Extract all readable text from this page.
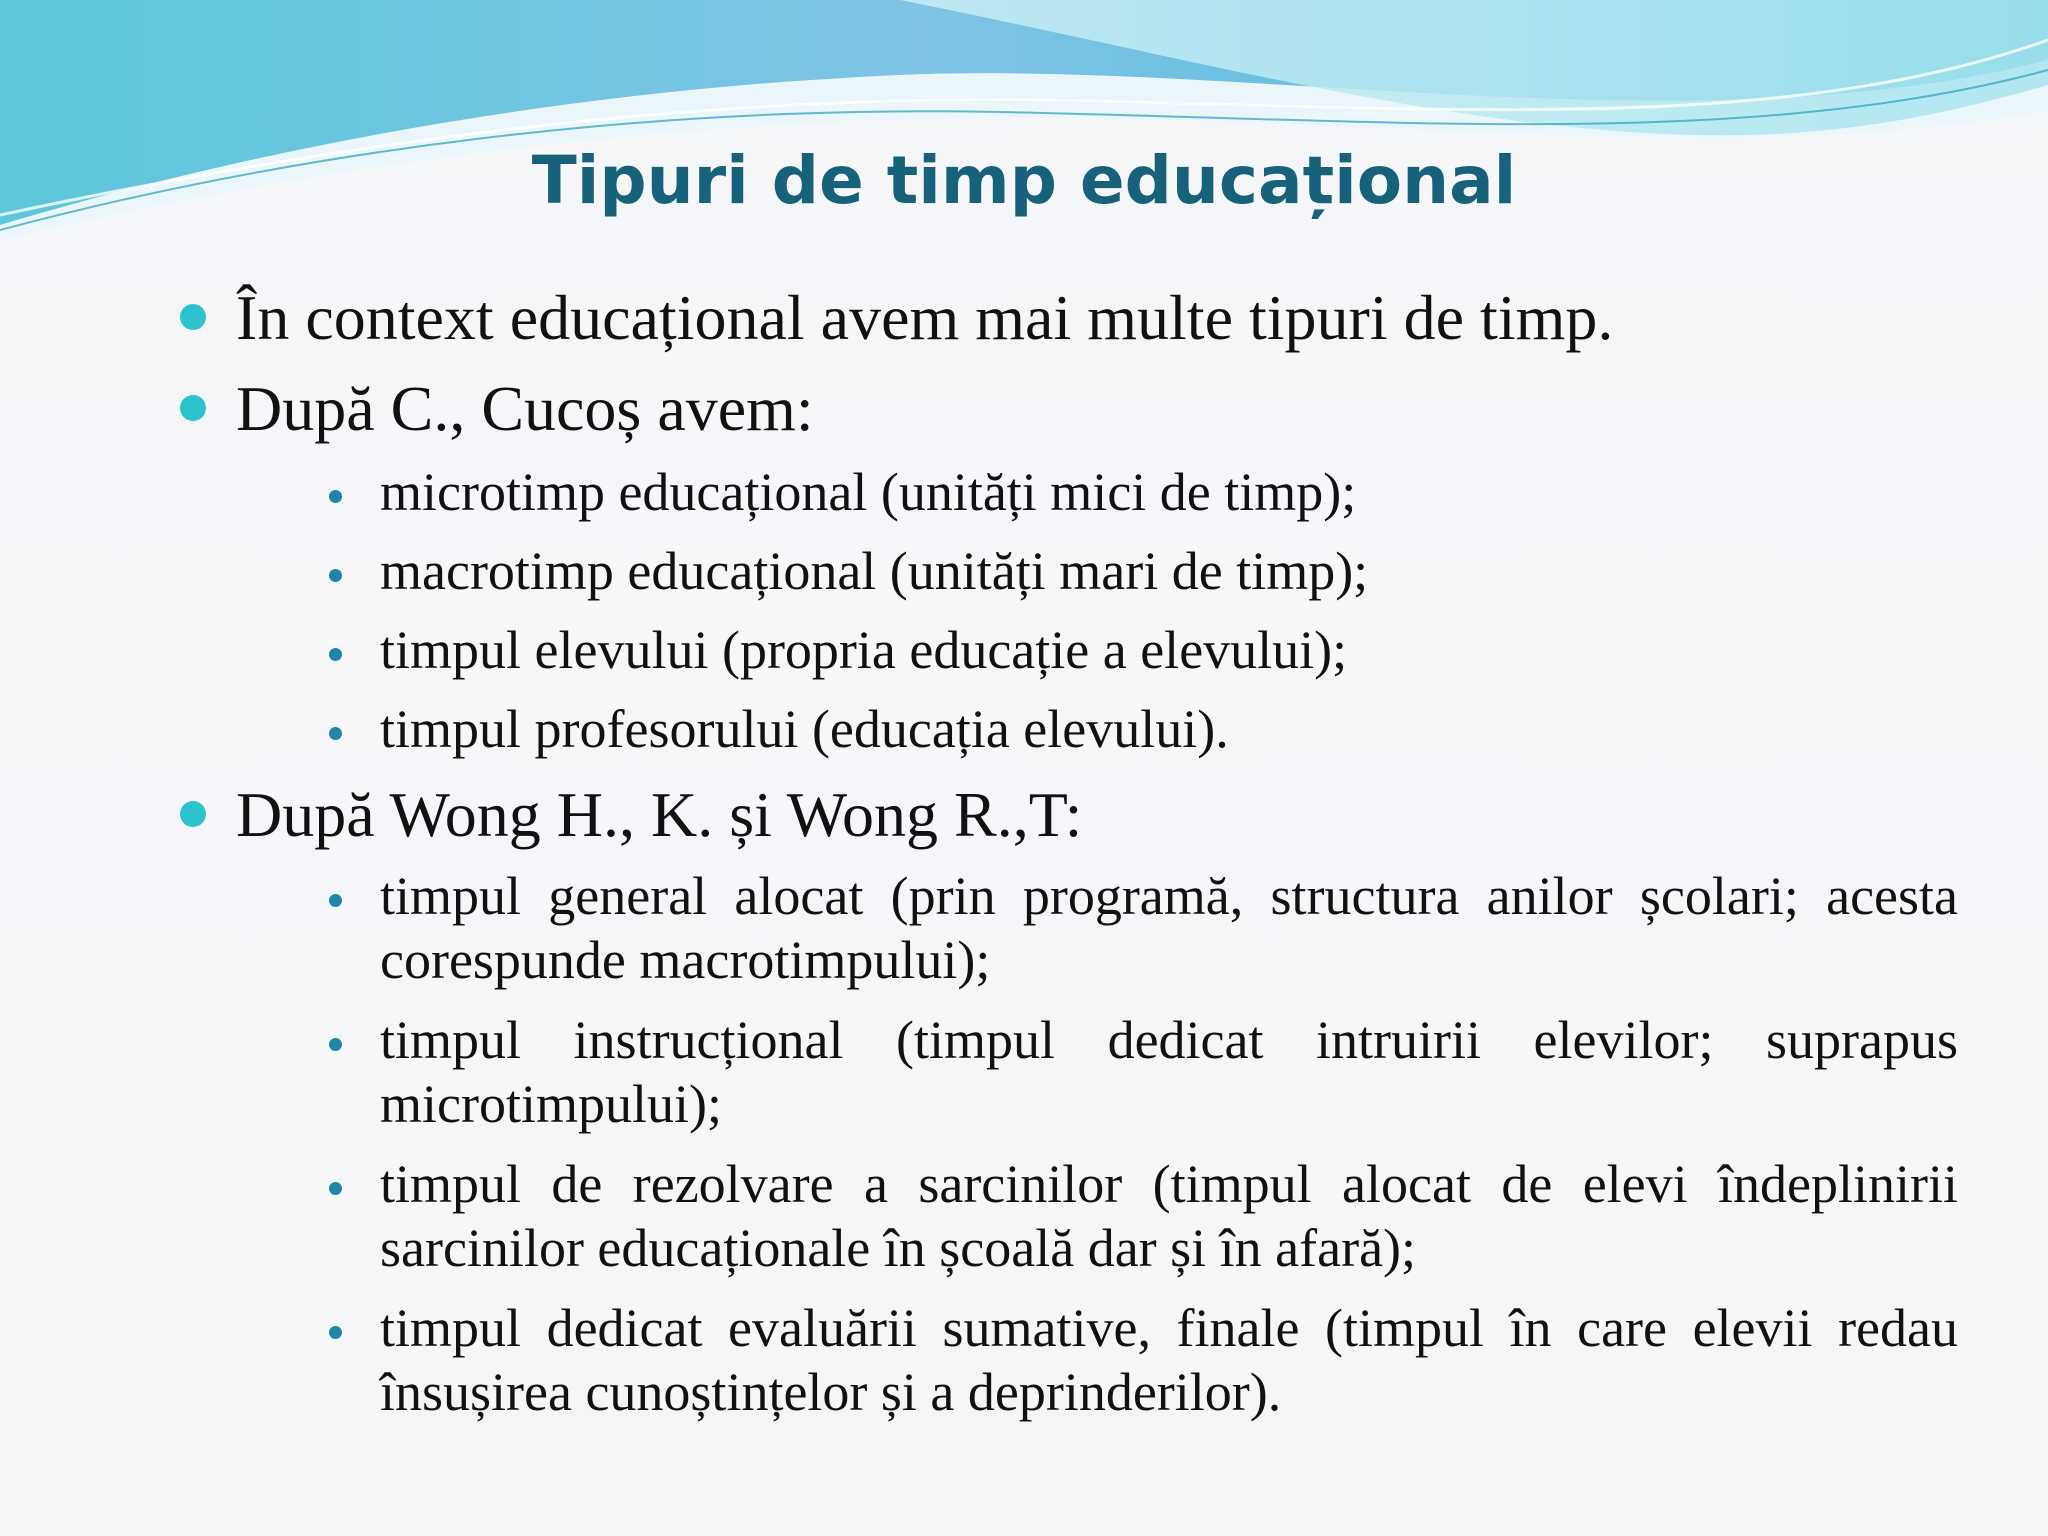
Tipuri de timp educațional
În context educațional avem mai multe tipuri de timp.
După C., Cucoș avem:
microtimp educațional (unități mici de timp);
macrotimp educațional (unități mari de timp);
timpul elevului (propria educație a elevului);
timpul profesorului (educația elevului).
După Wong H., K. și Wong R.,T:
timpul general alocat (prin programă, structura anilor școlari; acesta corespunde macrotimpului);
timpul instrucțional (timpul dedicat intruirii elevilor; suprapus microtimpului);
timpul de rezolvare a sarcinilor (timpul alocat de elevi îndeplinirii sarcinilor educaționale în școală dar și în afară);
timpul dedicat evaluării sumative, finale (timpul în care elevii redau însușirea cunoștințelor și a deprinderilor).
